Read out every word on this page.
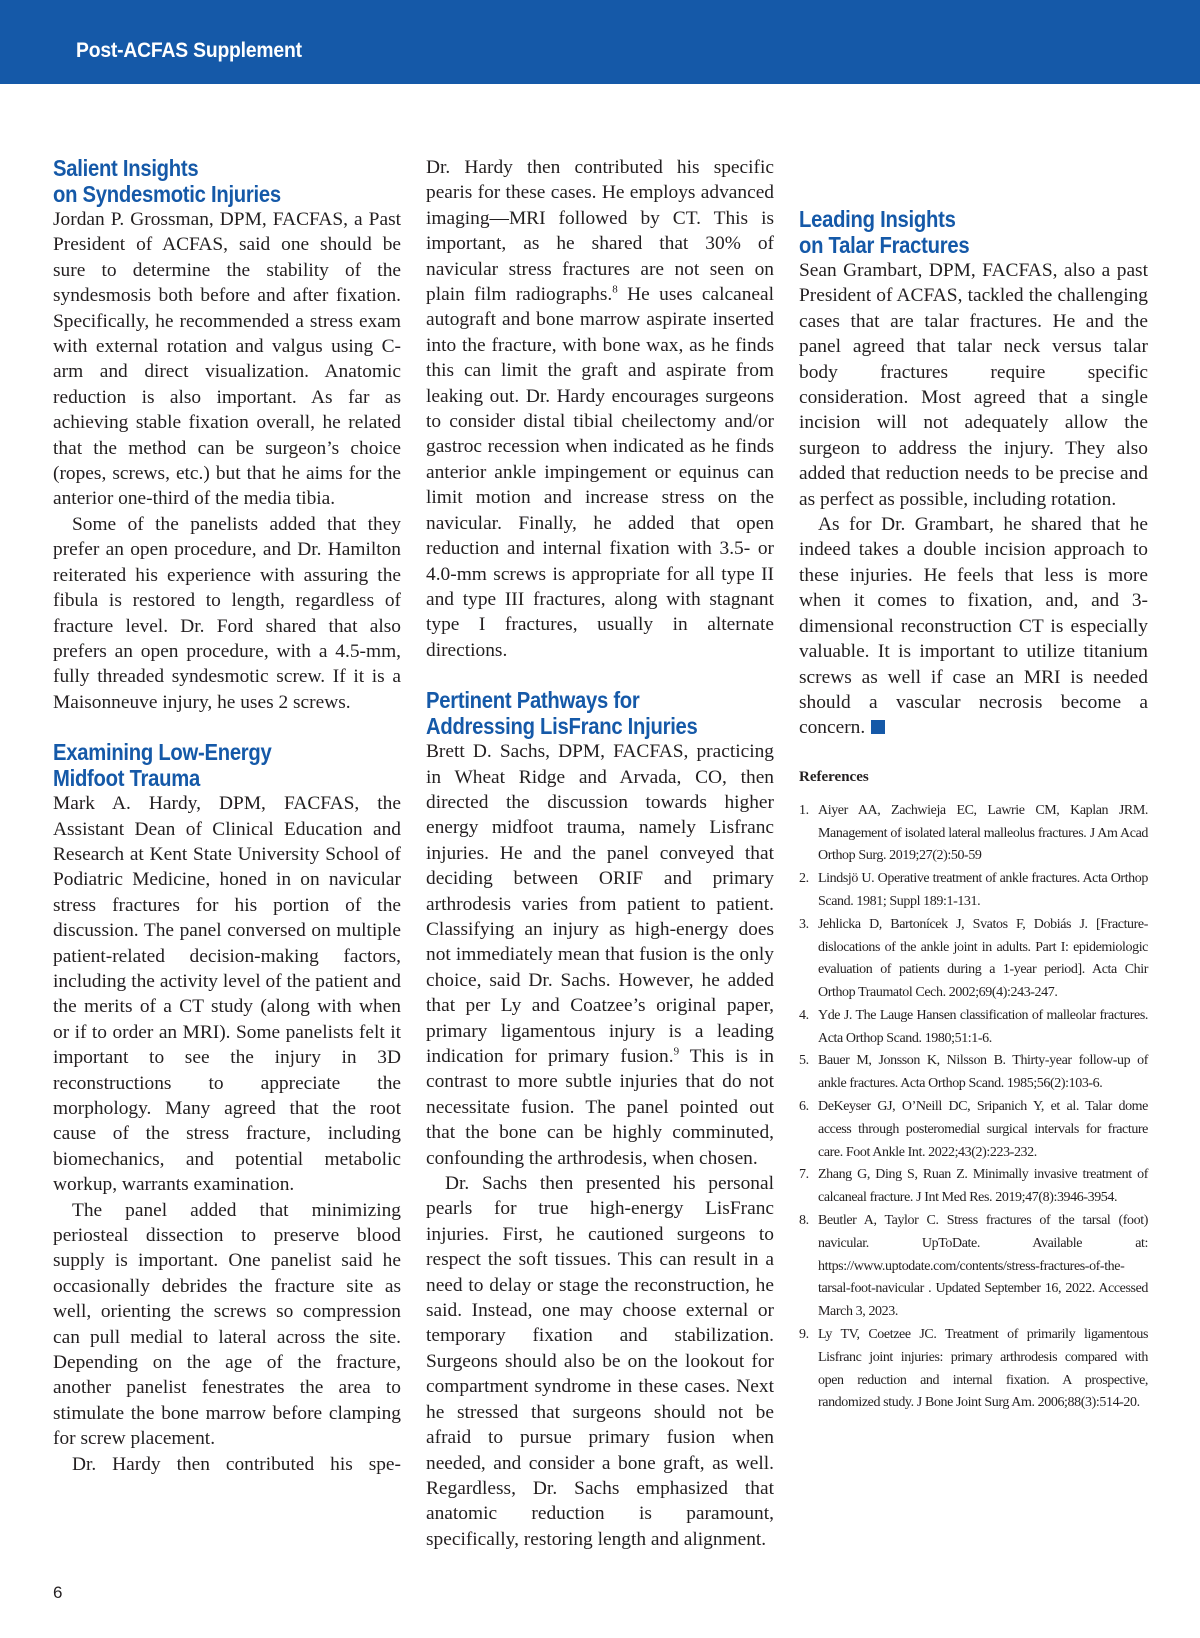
Post-ACFAS Supplement
Salient Insights
on Syndesmotic Injuries

Jordan P. Grossman, DPM, FACFAS, a Past President of ACFAS, said one should be sure to determine the stability of the syndesmosis both before and after fixation. Specifically, he recommended a stress exam with external rotation and valgus using C-arm and direct visualization. Anatomic reduction is also important. As far as achieving stable fixation overall, he related that the method can be surgeon’s choice (ropes, screws, etc.) but that he aims for the anterior one-third of the media tibia.

Some of the panelists added that they prefer an open procedure, and Dr. Hamilton reiterated his experience with assuring the fibula is restored to length, regardless of fracture level. Dr. Ford shared that also prefers an open procedure, with a 4.5-mm, fully threaded syndesmotic screw. If it is a Maisonneuve injury, he uses 2 screws.

Examining Low-Energy
Midfoot Trauma

Mark A. Hardy, DPM, FACFAS, the Assistant Dean of Clinical Education and Research at Kent State University School of Podiatric Medicine, honed in on navicular stress fractures for his portion of the discussion. The panel conversed on multiple patient-related decision-making factors, including the activity level of the patient and the merits of a CT study (along with when or if to order an MRI). Some panelists felt it important to see the injury in 3D reconstructions to appreciate the morphology. Many agreed that the root cause of the stress fracture, including biomechanics, and potential metabolic workup, warrants examination.

The panel added that minimizing periosteal dissection to preserve blood supply is important. One panelist said he occasionally debrides the fracture site as well, orienting the screws so compression can pull medial to lateral across the site. Depending on the age of the fracture, another panelist fenestrates the area to stimulate the bone marrow before clamping for screw placement.

Dr. Hardy then contributed his spe-

Dr. Hardy then contributed his specific pearis for these cases. He employs advanced imaging—MRI followed by CT. This is important, as he shared that 30% of navicular stress fractures are not seen on plain film radiographs.$^8$ He uses calcaneal autograft and bone marrow aspirate inserted into the fracture, with bone wax, as he finds this can limit the graft and aspirate from leaking out. Dr. Hardy encourages surgeons to consider distal tibial cheilectomy and/or gastroc recession when indicated as he finds anterior ankle impingement or equinus can limit motion and increase stress on the navicular. Finally, he added that open reduction and internal fixation with 3.5- or 4.0-mm screws is appropriate for all type II and type III fractures, along with stagnant type I fractures, usually in alternate directions.

Pertinent Pathways for
Addressing LisFranc Injuries

Brett D. Sachs, DPM, FACFAS, practicing in Wheat Ridge and Arvada, CO, then directed the discussion towards higher energy midfoot trauma, namely Lisfranc injuries. He and the panel conveyed that deciding between ORIF and primary arthrodesis varies from patient to patient. Classifying an injury as high-energy does not immediately mean that fusion is the only choice, said Dr. Sachs. However, he added that per Ly and Coatzee’s original paper, primary ligamentous injury is a leading indication for primary fusion.$^9$ This is in contrast to more subtle injuries that do not necessitate fusion. The panel pointed out that the bone can be highly comminuted, confounding the arthrodesis, when chosen.

Dr. Sachs then presented his personal pearls for true high-energy LisFranc injuries. First, he cautioned surgeons to respect the soft tissues. This can result in a need to delay or stage the reconstruction, he said. Instead, one may choose external or temporary fixation and stabilization. Surgeons should also be on the lookout for compartment syndrome in these cases. Next he stressed that surgeons should not be afraid to pursue primary fusion when needed, and consider a bone graft, as well. Regardless, Dr. Sachs emphasized that anatomic reduction is paramount, specifically, restoring length and alignment.

Leading Insights
on Talar Fractures

Sean Grambart, DPM, FACFAS, also a past President of ACFAS, tackled the challenging cases that are talar fractures. He and the panel agreed that talar neck versus talar body fractures require specific consideration. Most agreed that a single incision will not adequately allow the surgeon to address the injury. They also added that reduction needs to be precise and as perfect as possible, including rotation.

As for Dr. Grambart, he shared that he indeed takes a double incision approach to these injuries. He feels that less is more when it comes to fixation, and, and 3-dimensional reconstruction CT is especially valuable. It is important to utilize titanium screws as well if case an MRI is needed should a vascular necrosis become a concern.

References
1. Aiyer AA, Zachwieja EC, Lawrie CM, Kaplan JRM. Management of isolated lateral malleolus fractures. J Am Acad Orthop Surg. 2019;27(2):50-59
2. Lindsjö U. Operative treatment of ankle fractures. Acta Orthop Scand. 1981; Suppl 189:1-131.
3. Jehlicka D, Bartonícek J, Svatos F, Dobiás J. [Fracture-dislocations of the ankle joint in adults. Part I: epidemiologic evaluation of patients during a 1-year period]. Acta Chir Orthop Traumatol Cech. 2002;69(4):243-247.
4. Yde J. The Lauge Hansen classification of malleolar fractures. Acta Orthop Scand. 1980;51:1-6.
5. Bauer M, Jonsson K, Nilsson B. Thirty-year follow-up of ankle fractures. Acta Orthop Scand. 1985;56(2):103-6.
6. DeKeyser GJ, O’Neill DC, Sripanich Y, et al. Talar dome access through posteromedial surgical intervals for fracture care. Foot Ankle Int. 2022;43(2):223-232.
7. Zhang G, Ding S, Ruan Z. Minimally invasive treatment of calcaneal fracture. J Int Med Res. 2019;47(8):3946-3954.
8. Beutler A, Taylor C. Stress fractures of the tarsal (foot) navicular. UpToDate. Available at: https://www.uptodate.com/contents/stress-fractures-of-the-tarsal-foot-navicular . Updated September 16, 2022. Accessed March 3, 2023.
9. Ly TV, Coetzee JC. Treatment of primarily ligamentous Lisfranc joint injuries: primary arthrodesis compared with open reduction and internal fixation. A prospective, randomized study. J Bone Joint Surg Am. 2006;88(3):514-20.
6
